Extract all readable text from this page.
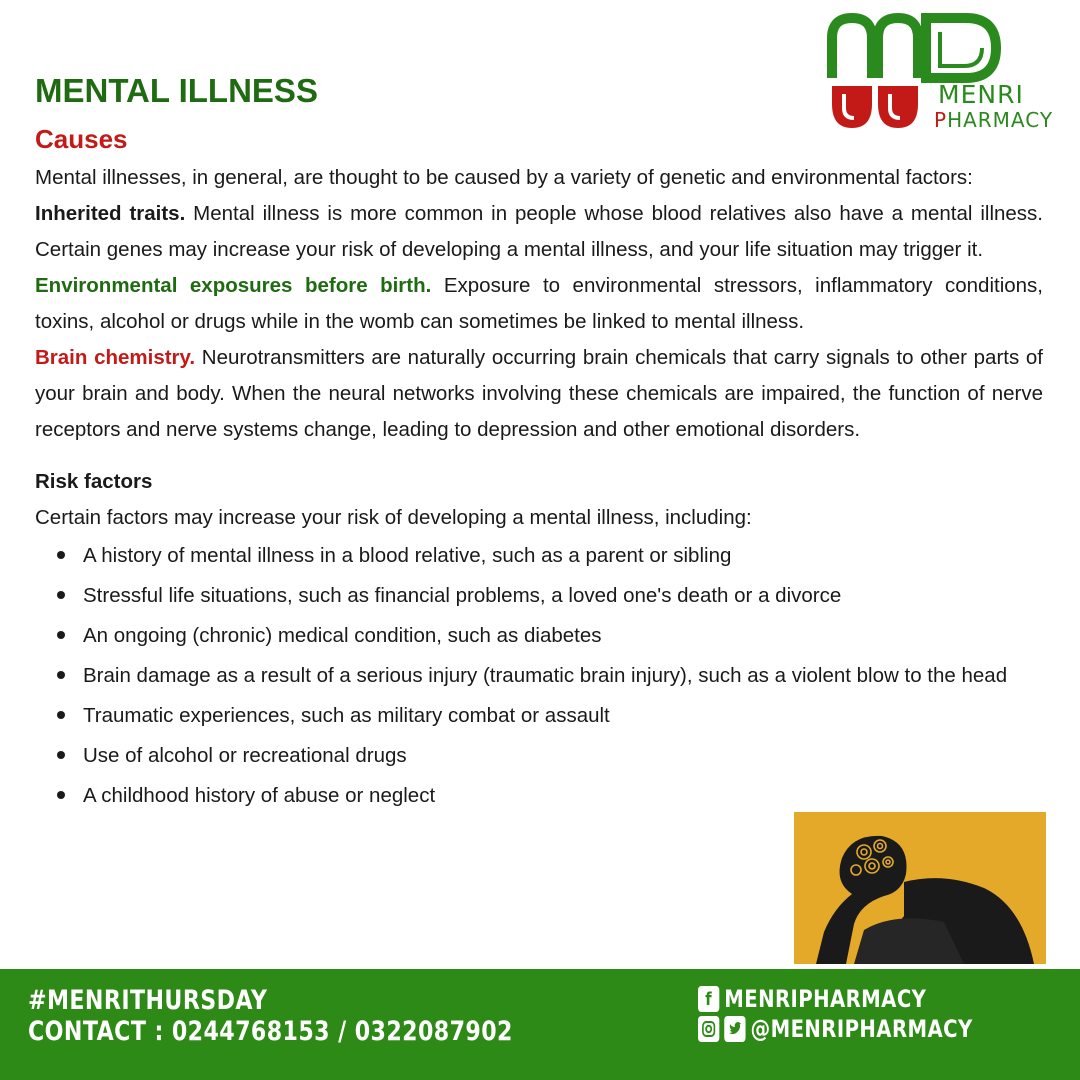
MENRI
PHARMACY
MENTAL ILLNESS
Causes

Mental illnesses, in general, are thought to be caused by a variety of genetic and environmental factors:

Inherited traits. Mental illness is more common in people whose blood relatives also have a mental illness. Certain genes may increase your risk of developing a mental illness, and your life situation may trigger it.

Environmental exposures before birth. Exposure to environmental stressors, inflammatory conditions, toxins, alcohol or drugs while in the womb can sometimes be linked to mental illness.

Brain chemistry. Neurotransmitters are naturally occurring brain chemicals that carry signals to other parts of your brain and body. When the neural networks involving these chemicals are impaired, the function of nerve receptors and nerve systems change, leading to depression and other emotional disorders.

Risk factors

Certain factors may increase your risk of developing a mental illness, including:

A history of mental illness in a blood relative, such as a parent or sibling
Stressful life situations, such as financial problems, a loved one's death or a divorce
An ongoing (chronic) medical condition, such as diabetes
Brain damage as a result of a serious injury (traumatic brain injury), such as a violent blow to the head
Traumatic experiences, such as military combat or assault
Use of alcohol or recreational drugs
A childhood history of abuse or neglect
#MENRITHURSDAY
CONTACT : 0244768153 / 0322087902
f MENRIPHARMACY
@MENRIPHARMACY
